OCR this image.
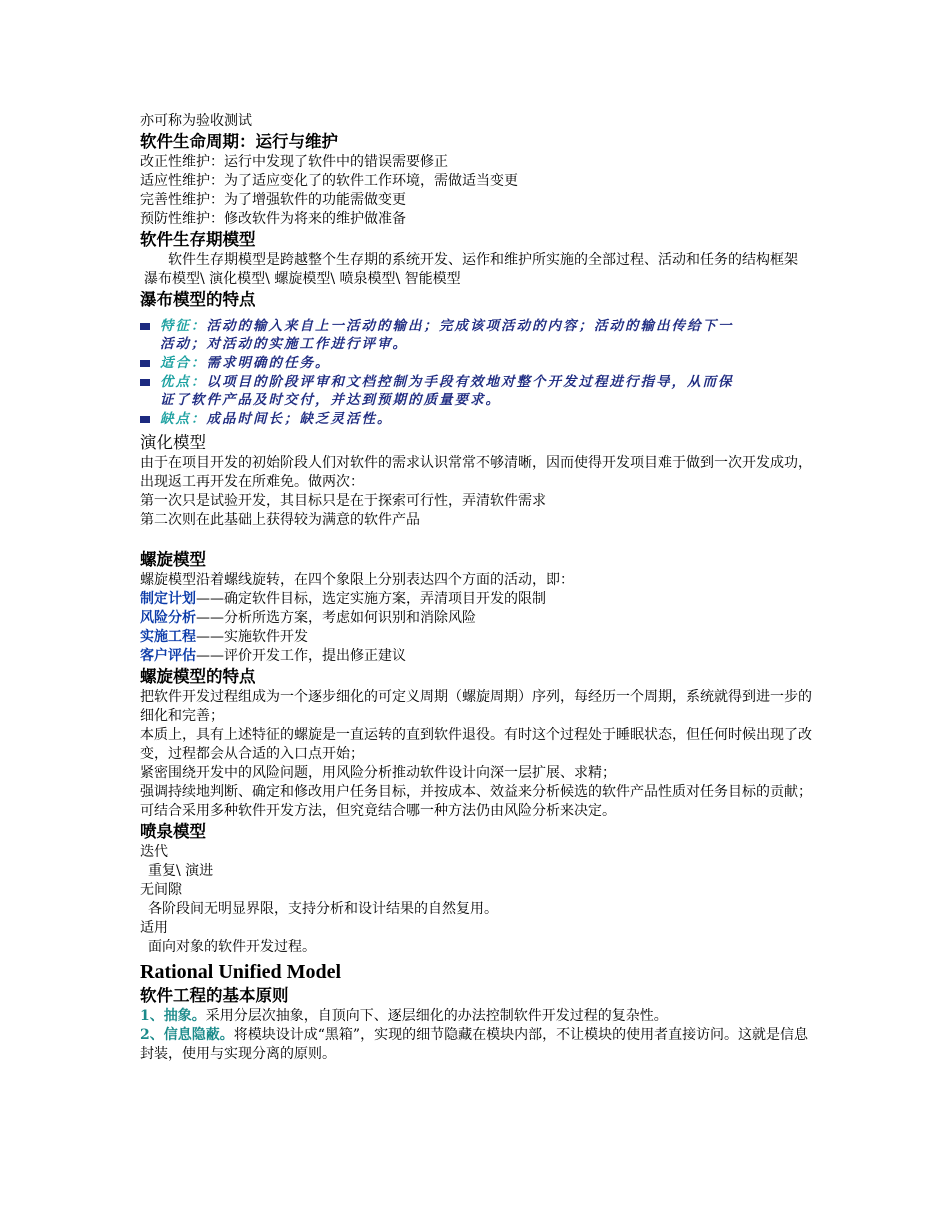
亦可称为验收测试

软件生命周期：运行与维护

改正性维护：运行中发现了软件中的错误需要修正

适应性维护：为了适应变化了的软件工作环境，需做适当变更

完善性维护：为了增强软件的功能需做变更

预防性维护：修改软件为将来的维护做准备

软件生存期模型

软件生存期模型是跨越整个生存期的系统开发、运作和维护所实施的全部过程、活动和任务的结构框架

瀑布模型\ 演化模型\ 螺旋模型\ 喷泉模型\ 智能模型

瀑布模型的特点

特征：活动的输入来自上一活动的输出；完成该项活动的内容；活动的输出传给下一活动；对活动的实施工作进行评审。
适合：需求明确的任务。
优点：以项目的阶段评审和文档控制为手段有效地对整个开发过程进行指导，从而保证了软件产品及时交付，并达到预期的质量要求。
缺点：成品时间长；缺乏灵活性。

演化模型

由于在项目开发的初始阶段人们对软件的需求认识常常不够清晰，因而使得开发项目难于做到一次开发成功，出现返工再开发在所难免。做两次：

第一次只是试验开发，其目标只是在于探索可行性，弄清软件需求

第二次则在此基础上获得较为满意的软件产品

螺旋模型

螺旋模型沿着螺线旋转，在四个象限上分别表达四个方面的活动，即：

制定计划——确定软件目标，选定实施方案，弄清项目开发的限制

风险分析——分析所选方案，考虑如何识别和消除风险

实施工程——实施软件开发

客户评估——评价开发工作，提出修正建议

螺旋模型的特点

把软件开发过程组成为一个逐步细化的可定义周期（螺旋周期）序列，每经历一个周期，系统就得到进一步的细化和完善；

本质上，具有上述特征的螺旋是一直运转的直到软件退役。有时这个过程处于睡眠状态，但任何时候出现了改变，过程都会从合适的入口点开始；

紧密围绕开发中的风险问题，用风险分析推动软件设计向深一层扩展、求精；

强调持续地判断、确定和修改用户任务目标，并按成本、效益来分析候选的软件产品性质对任务目标的贡献；

可结合采用多种软件开发方法，但究竟结合哪一种方法仍由风险分析来决定。

喷泉模型

迭代

重复\ 演进

无间隙

各阶段间无明显界限，支持分析和设计结果的自然复用。

适用

面向对象的软件开发过程。

Rational Unified Model

软件工程的基本原则

1、抽象。采用分层次抽象，自顶向下、逐层细化的办法控制软件开发过程的复杂性。

2、信息隐蔽。将模块设计成“黑箱”，实现的细节隐藏在模块内部，不让模块的使用者直接访问。这就是信息封装，使用与实现分离的原则。
